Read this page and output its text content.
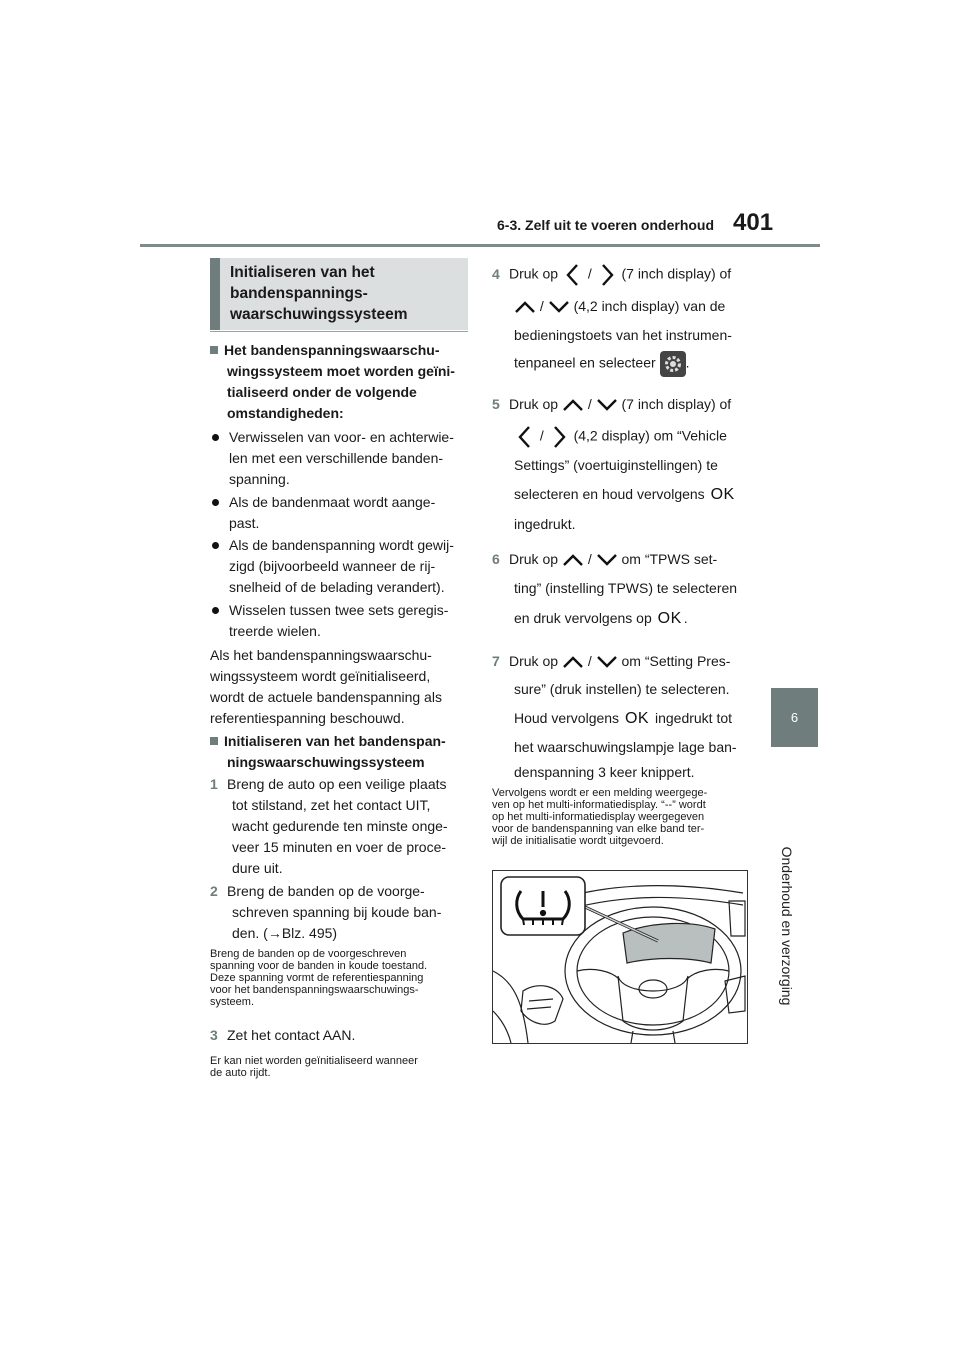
6-3. Zelf uit te voeren onderhoud 401
6
Onderhoud en verzorging
Initialiseren van het
bandenspannings-
waarschuwingssysteem
Het bandenspanningswaarschu-
wingssysteem moet worden geïni-
tialiseerd onder de volgende
omstandigheden:
Verwisselen van voor- en achterwie-
len met een verschillende banden-
spanning.
Als de bandenmaat wordt aange-
past.
Als de bandenspanning wordt gewij-
zigd (bijvoorbeeld wanneer de rij-
snelheid of de belading verandert).
Wisselen tussen twee sets geregis-
treerde wielen.
Als het bandenspanningswaarschu-
wingssysteem wordt geïnitialiseerd,
wordt de actuele bandenspanning als
referentiespanning beschouwd.
Initialiseren van het bandenspan-
ningswaarschuwingssysteem
1 Breng de auto op een veilige plaats
tot stilstand, zet het contact UIT,
wacht gedurende ten minste onge-
veer 15 minuten en voer de proce-
dure uit.
2 Breng de banden op de voorge-
schreven spanning bij koude ban-
den. (→Blz. 495)
Breng de banden op de voorgeschreven
spanning voor de banden in koude toestand.
Deze spanning vormt de referentiespanning
voor het bandenspanningswaarschuwings-
systeem.
3 Zet het contact AAN.
Er kan niet worden geïnitialiseerd wanneer
de auto rijdt.
4 Druk op / (7 inch display) of
/ (4,2 inch display) van de
bedieningstoets van het instrumen-
tenpaneel en selecteer .
5 Druk op / (7 inch display) of
/ (4,2 display) om “Vehicle
Settings” (voertuiginstellingen) te
selecteren en houd vervolgens OK
ingedrukt.
6 Druk op / om “TPWS set-
ting” (instelling TPWS) te selecteren
en druk vervolgens op OK .
7 Druk op / om “Setting Pres-
sure” (druk instellen) te selecteren.
Houd vervolgens OK ingedrukt tot
het waarschuwingslampje lage ban-
denspanning 3 keer knippert.
Vervolgens wordt er een melding weergege-
ven op het multi-informatiedisplay. “--” wordt
op het multi-informatiedisplay weergegeven
voor de bandenspanning van elke band ter-
wijl de initialisatie wordt uitgevoerd.
